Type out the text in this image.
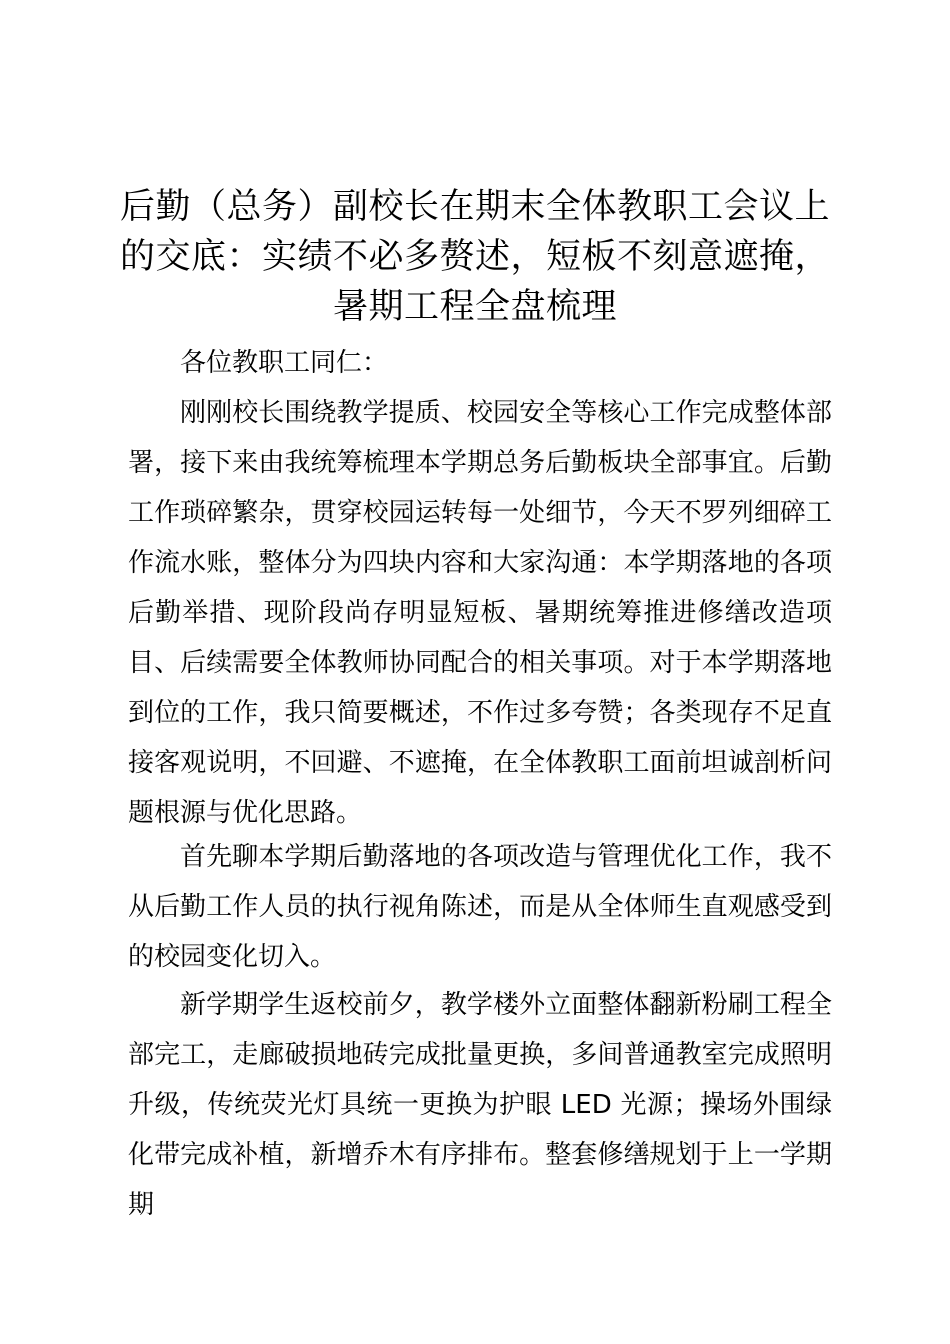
后勤（总务）副校长在期末全体教职工会议上的交底：实绩不必多赘述，短板不刻意遮掩，暑期工程全盘梳理

各位教职工同仁：

刚刚校长围绕教学提质、校园安全等核心工作完成整体部署，接下来由我统筹梳理本学期总务后勤板块全部事宜。后勤工作琐碎繁杂，贯穿校园运转每一处细节，今天不罗列细碎工作流水账，整体分为四块内容和大家沟通：本学期落地的各项后勤举措、现阶段尚存明显短板、暑期统筹推进修缮改造项目、后续需要全体教师协同配合的相关事项。对于本学期落地到位的工作，我只简要概述，不作过多夸赞；各类现存不足直接客观说明，不回避、不遮掩，在全体教职工面前坦诚剖析问题根源与优化思路。

首先聊本学期后勤落地的各项改造与管理优化工作，我不从后勤工作人员的执行视角陈述，而是从全体师生直观感受到的校园变化切入。

新学期学生返校前夕，教学楼外立面整体翻新粉刷工程全部完工，走廊破损地砖完成批量更换，多间普通教室完成照明升级，传统荧光灯具统一更换为护眼 LED 光源；操场外围绿化带完成补植，新增乔木有序排布。整套修缮规划于上一学期期
